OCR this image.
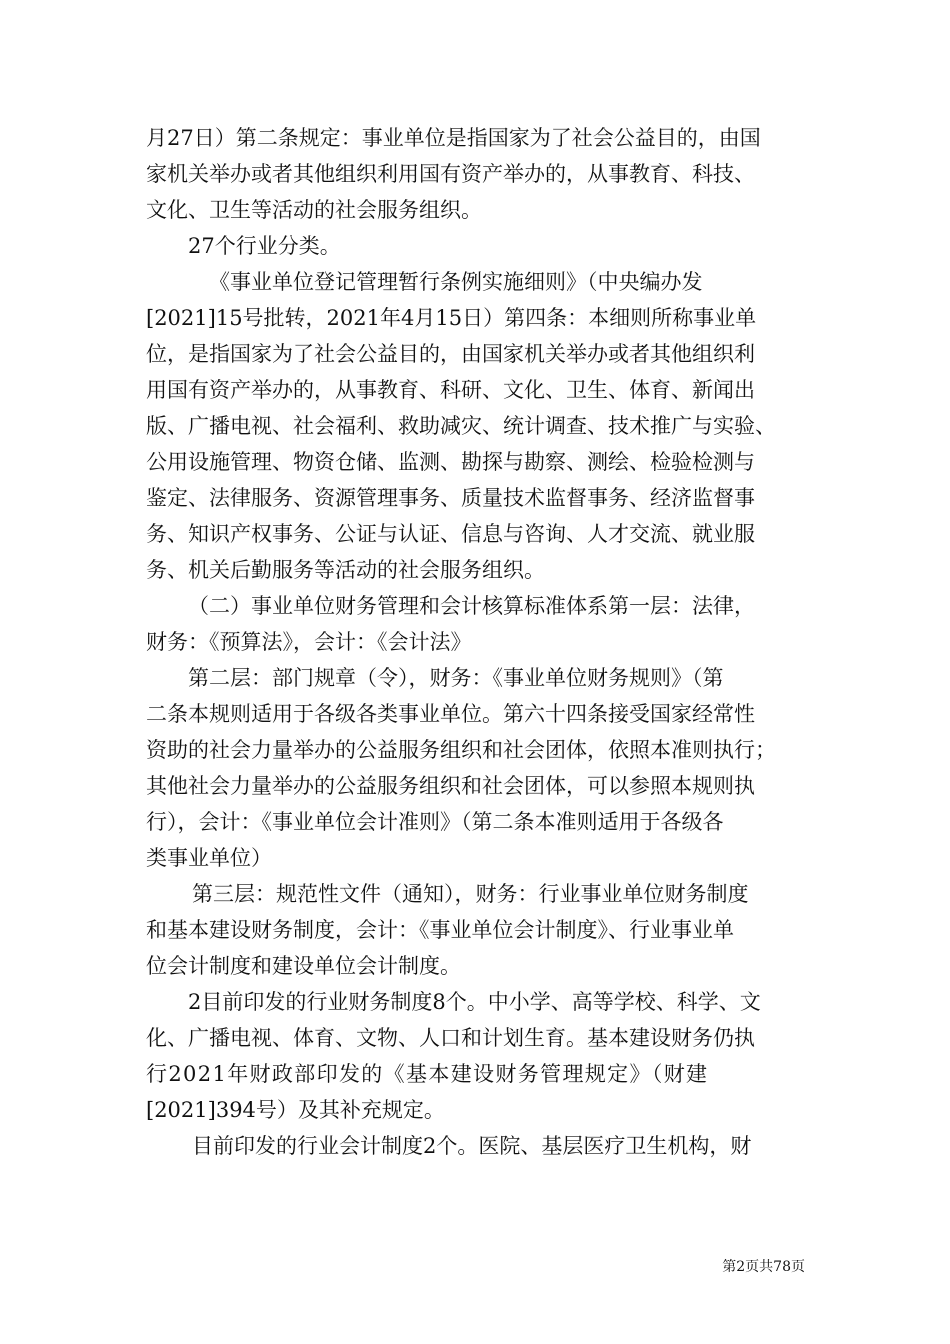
月27日）第二条规定：事业单位是指国家为了社会公益目的，由国
家机关举办或者其他组织利用国有资产举办的，从事教育、科技、
文化、卫生等活动的社会服务组织。
27个行业分类。
《事业单位登记管理暂行条例实施细则》（中央编办发
[2021]15号批转，2021年4月15日）第四条：本细则所称事业单
位，是指国家为了社会公益目的，由国家机关举办或者其他组织利
用国有资产举办的，从事教育、科研、文化、卫生、体育、新闻出
版、广播电视、社会福利、救助减灾、统计调查、技术推广与实验、
公用设施管理、物资仓储、监测、勘探与勘察、测绘、检验检测与
鉴定、法律服务、资源管理事务、质量技术监督事务、经济监督事
务、知识产权事务、公证与认证、信息与咨询、人才交流、就业服
务、机关后勤服务等活动的社会服务组织。
（二）事业单位财务管理和会计核算标准体系第一层：法律，
财务：《预算法》，会计：《会计法》
第二层：部门规章（令），财务：《事业单位财务规则》（第
二条本规则适用于各级各类事业单位。第六十四条接受国家经常性
资助的社会力量举办的公益服务组织和社会团体，依照本准则执行；
其他社会力量举办的公益服务组织和社会团体，可以参照本规则执
行），会计：《事业单位会计准则》（第二条本准则适用于各级各
类事业单位）
第三层：规范性文件（通知），财务：行业事业单位财务制度
和基本建设财务制度，会计：《事业单位会计制度》、行业事业单
位会计制度和建设单位会计制度。
2目前印发的行业财务制度8个。中小学、高等学校、科学、文
化、广播电视、体育、文物、人口和计划生育。基本建设财务仍执
行2021年财政部印发的《基本建设财务管理规定》（财建
[2021]394号）及其补充规定。
目前印发的行业会计制度2个。医院、基层医疗卫生机构，财
第2页共78页
